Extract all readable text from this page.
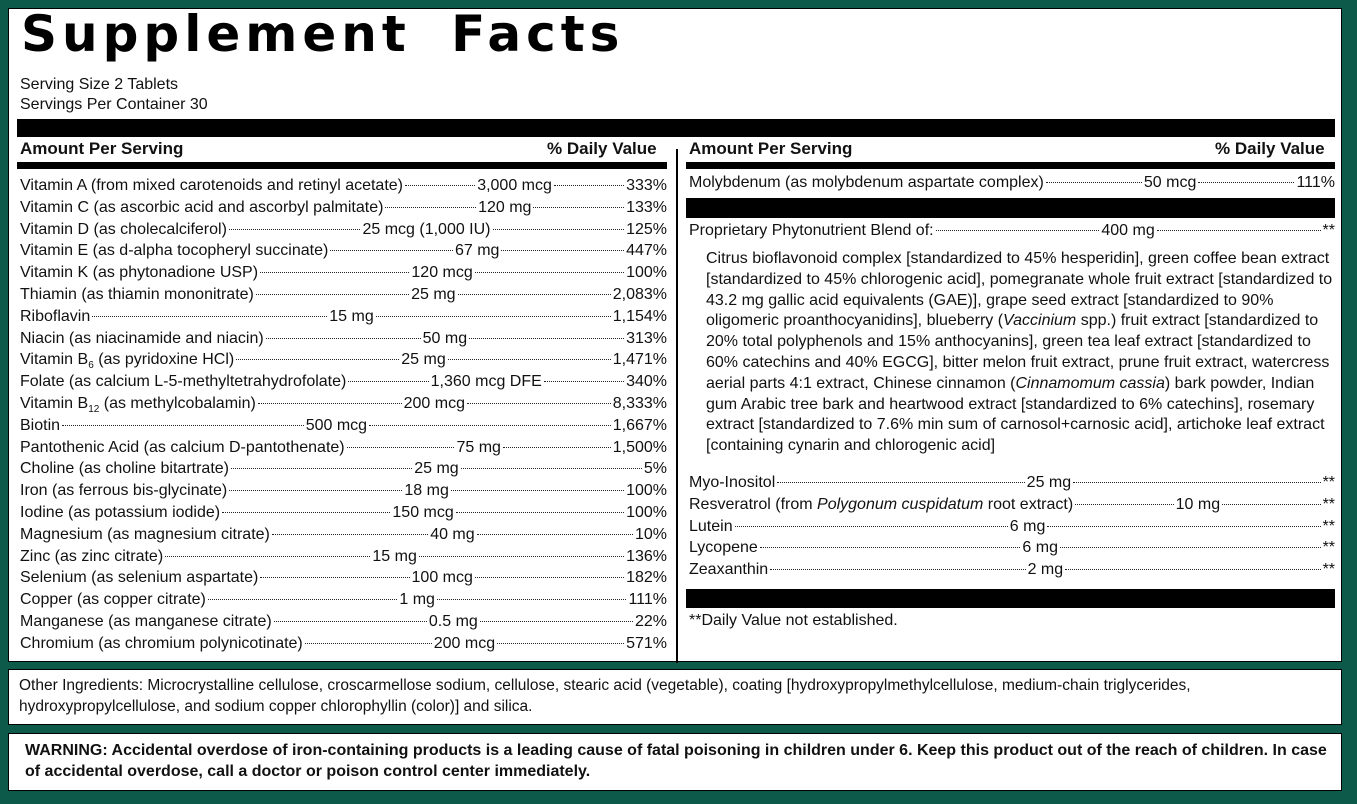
Supplement Facts
Serving Size 2 Tablets
Servings Per Container 30
Amount Per Serving	% Daily Value Amount Per Serving	% Daily Value
Vitamin A (from mixed carotenoids and retinyl acetate)	3,000 mcg	333%
Vitamin C (as ascorbic acid and ascorbyl palmitate)	120 mg	133%
Vitamin D (as cholecalciferol)	25 mcg (1,000 IU)	125%
Vitamin E (as d-alpha tocopheryl succinate)	67 mg	447%
Vitamin K (as phytonadione USP)	120 mcg	100%
Thiamin (as thiamin mononitrate)	25 mg	2,083%
Riboflavin	15 mg	1,154%
Niacin (as niacinamide and niacin)	50 mg	313%
Vitamin $B_6$ (as pyridoxine HCl)	25 mg	1,471%
Folate (as calcium L-5-methyltetrahydrofolate)	1,360 mcg DFE	340%
Vitamin $B_{12}$ (as methylcobalamin)	200 mcg	8,333%
Biotin	500 mcg	1,667%
Pantothenic Acid (as calcium D-pantothenate)	75 mg	1,500%
Choline (as choline bitartrate)	25 mg	5%
Iron (as ferrous bis-glycinate)	18 mg	100%
Iodine (as potassium iodide)	150 mcg	100%
Magnesium (as magnesium citrate)	40 mg	10%
Zinc (as zinc citrate)	15 mg	136%
Selenium (as selenium aspartate)	100 mcg	182%
Copper (as copper citrate)	1 mg	111%
Manganese (as manganese citrate)	0.5 mg	22%
Chromium (as chromium polynicotinate)	200 mcg	571%
Molybdenum (as molybdenum aspartate complex)	50 mcg	111%
Proprietary Phytonutrient Blend of:	400 mg	**
Citrus bioflavonoid complex [standardized to 45% hesperidin], green coffee bean extract [standardized to 45% chlorogenic acid], pomegranate whole fruit extract [standardized to 43.2 mg gallic acid equivalents (GAE)], grape seed extract [standardized to 90% oligomeric proanthocyanidins], blueberry (Vaccinium spp.) fruit extract [standardized to 20% total polyphenols and 15% anthocyanins], green tea leaf extract [standardized to 60% catechins and 40% EGCG], bitter melon fruit extract, prune fruit extract, watercress aerial parts 4:1 extract, Chinese cinnamon (Cinnamomum cassia) bark powder, Indian gum Arabic tree bark and heartwood extract [standardized to 6% catechins], rosemary extract [standardized to 7.6% min sum of carnosol+carnosic acid], artichoke leaf extract [containing cynarin and chlorogenic acid]
Myo-Inositol	25 mg	**
Resveratrol (from Polygonum cuspidatum root extract)	10 mg	**
Lutein	6 mg	**
Lycopene	6 mg	**
Zeaxanthin	2 mg	**
**Daily Value not established.
Other Ingredients: Microcrystalline cellulose, croscarmellose sodium, cellulose, stearic acid (vegetable), coating [hydroxypropylmethylcellulose, medium-chain triglycerides, hydroxypropylcellulose, and sodium copper chlorophyllin (color)] and silica.
WARNING: Accidental overdose of iron-containing products is a leading cause of fatal poisoning in children under 6. Keep this product out of the reach of children. In case of accidental overdose, call a doctor or poison control center immediately.
